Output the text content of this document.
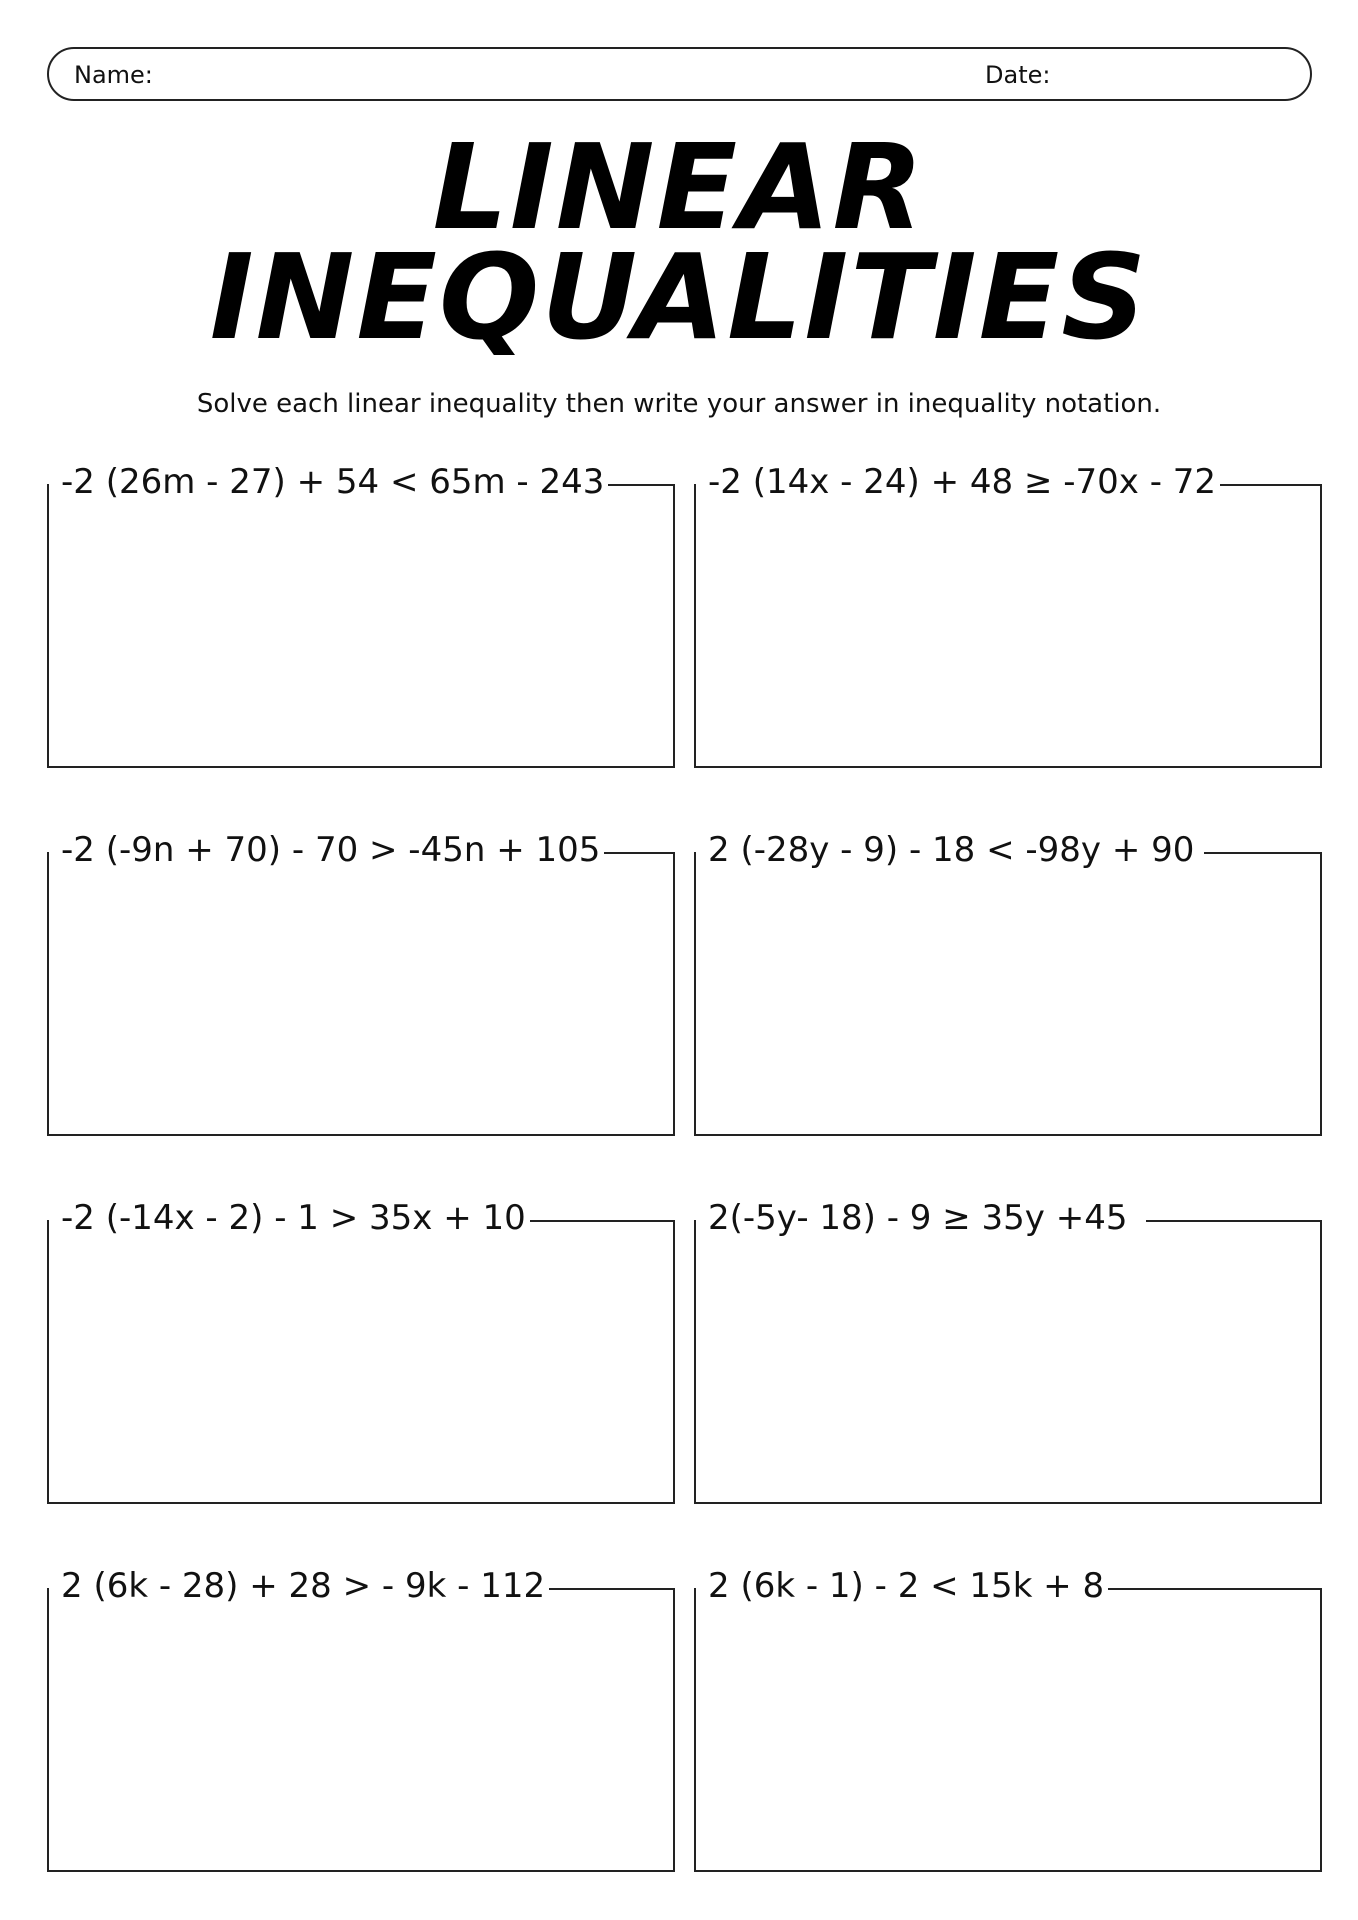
Name:	Date:
LINEAR
INEQUALITIES
Solve each linear inequality then write your answer in inequality notation.
-2 (26m - 27) + 54 < 65m - 243	-2 (14x - 24) + 48 ≥ -70x - 72
-2 (-9n + 70) - 70 > -45n + 105	2 (-28y - 9) - 18 < -98y + 90
-2 (-14x - 2) - 1 > 35x + 10	2(-5y- 18) - 9 ≥ 35y +45
2 (6k - 28) + 28 > - 9k - 112	2 (6k - 1) - 2 < 15k + 8
